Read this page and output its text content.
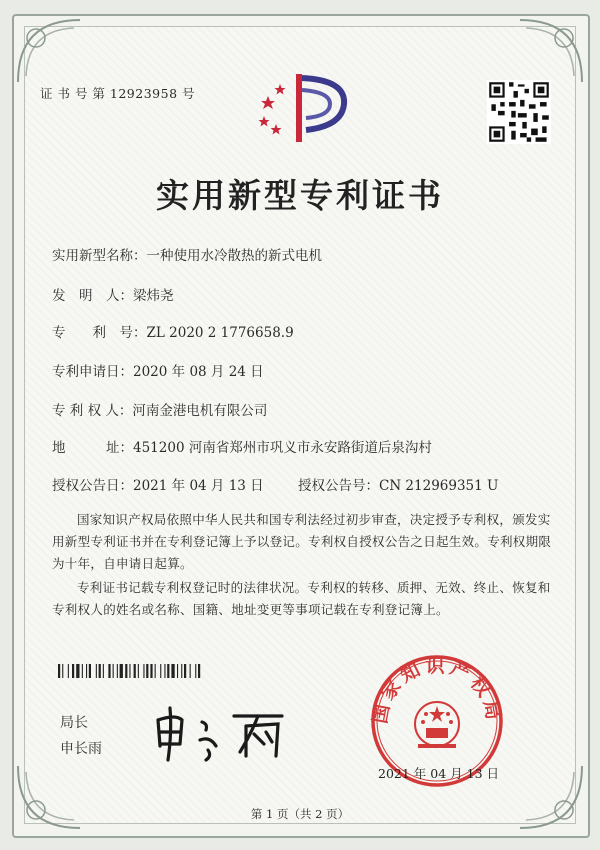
证 书 号 第 12923958 号
实用新型专利证书
实用新型名称：一种使用水冷散热的新式电机
发　明　人：梁炜尧
专　　利　号：ZL 2020 2 1776658.9
专利申请日：2020 年 08 月 24 日
专 利 权 人：河南金港电机有限公司
地　　　址：451200 河南省郑州市巩义市永安路街道后泉沟村
授权公告日：2021 年 04 月 13 日	授权公告号：CN 212969351 U
国家知识产权局依照中华人民共和国专利法经过初步审查，决定授予专利权，颁发实用新型专利证书并在专利登记簿上予以登记。专利权自授权公告之日起生效。专利权期限为十年，自申请日起算。
专利证书记载专利权登记时的法律状况。专利权的转移、质押、无效、终止、恢复和专利权人的姓名或名称、国籍、地址变更等事项记载在专利登记簿上。
局长
申长雨
国家知识产权局
2021 年 04 月 13 日
第 1 页（共 2 页）
